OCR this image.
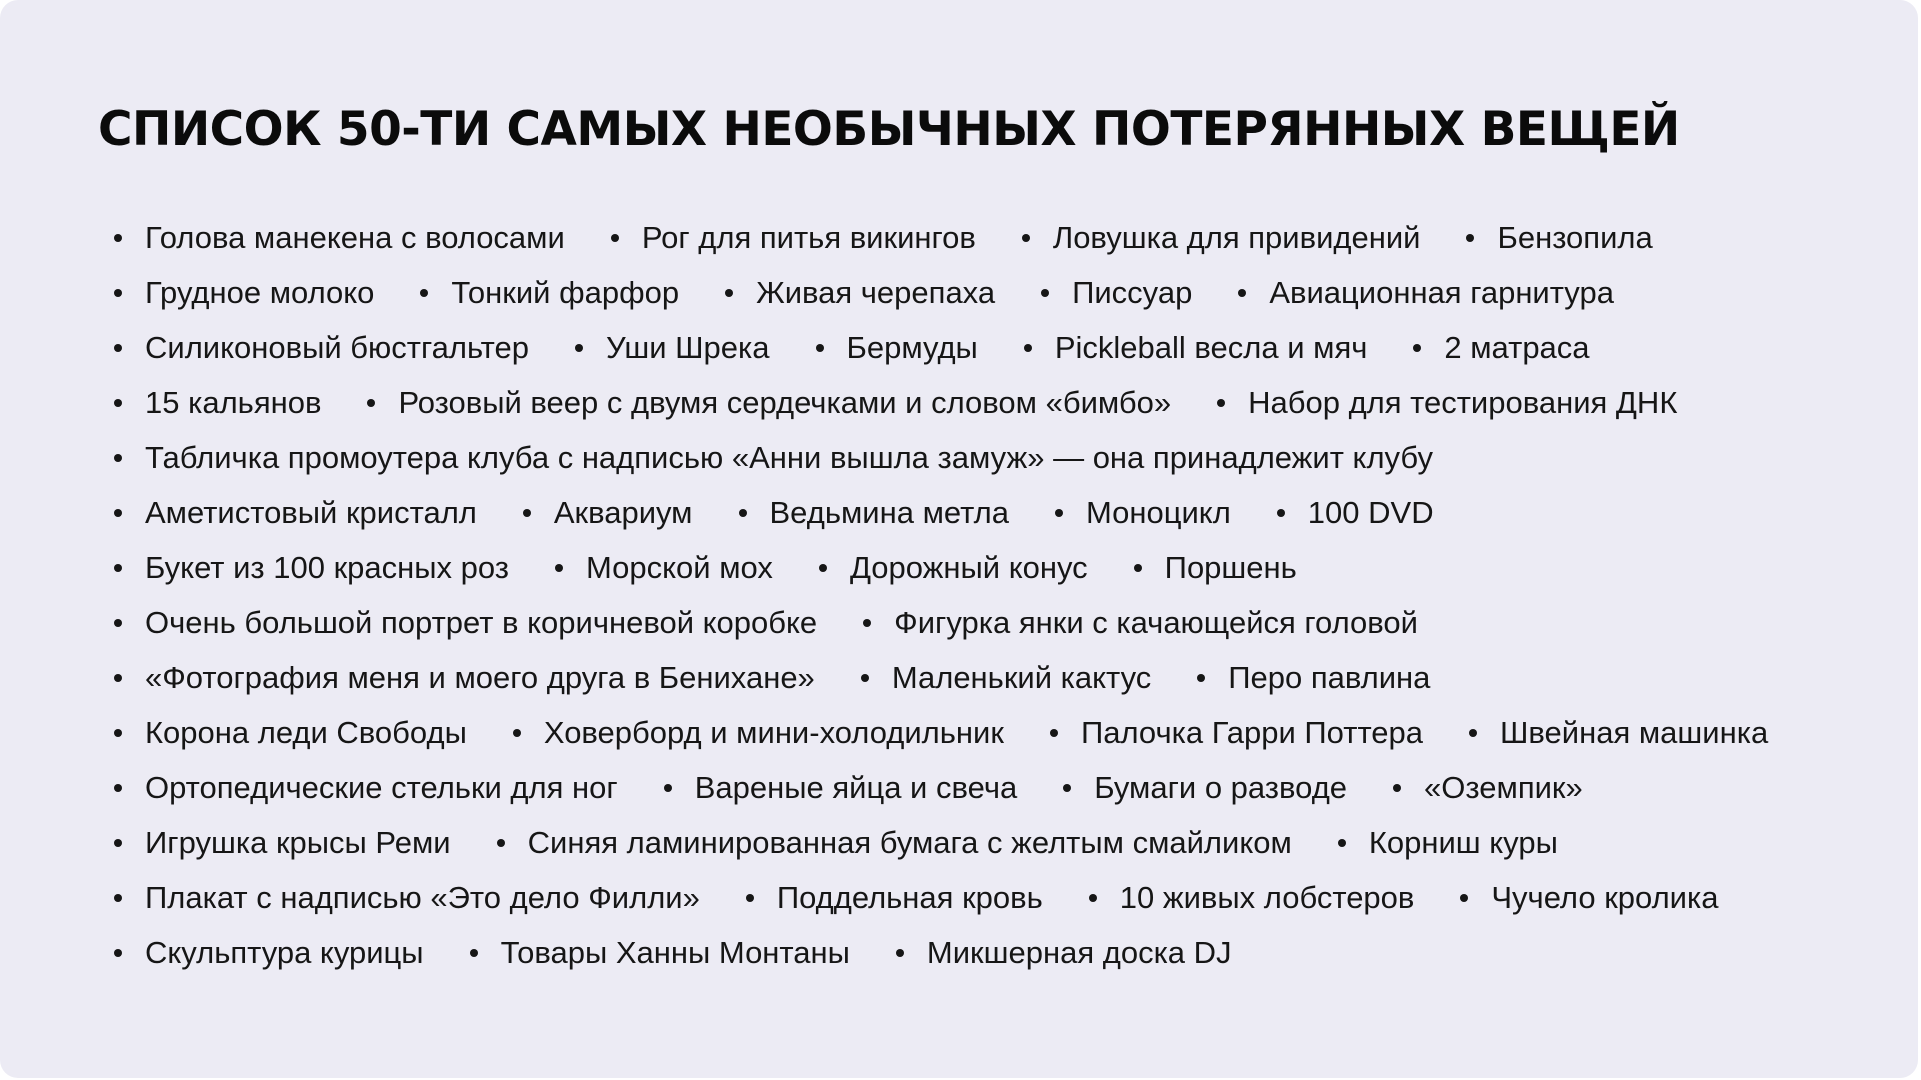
СПИСОК 50-ТИ САМЫХ НЕОБЫЧНЫХ ПОТЕРЯННЫХ ВЕЩЕЙ
Голова манекена с волосами Рог для питья викингов Ловушка для привидений Бензопила
Грудное молоко Тонкий фарфор Живая черепаха Писсуар Авиационная гарнитура
Силиконовый бюстгальтер Уши Шрека Бермуды Pickleball весла и мяч 2 матраса
15 кальянов Розовый веер с двумя сердечками и словом «бимбо» Набор для тестирования ДНК
Табличка промоутера клуба с надписью «Анни вышла замуж» — она принадлежит клубу
Аметистовый кристалл Аквариум Ведьмина метла Моноцикл 100 DVD
Букет из 100 красных роз Морской мох Дорожный конус Поршень
Очень большой портрет в коричневой коробке Фигурка янки с качающейся головой
«Фотография меня и моего друга в Бенихане» Маленький кактус Перо павлина
Корона леди Свободы Ховерборд и мини-холодильник Палочка Гарри Поттера Швейная машинка
Ортопедические стельки для ног Вареные яйца и свеча Бумаги о разводе «Оземпик»
Игрушка крысы Реми Синяя ламинированная бумага с желтым смайликом Корниш куры
Плакат с надписью «Это дело Филли» Поддельная кровь 10 живых лобстеров Чучело кролика
Скульптура курицы Товары Ханны Монтаны Микшерная доска DJ
